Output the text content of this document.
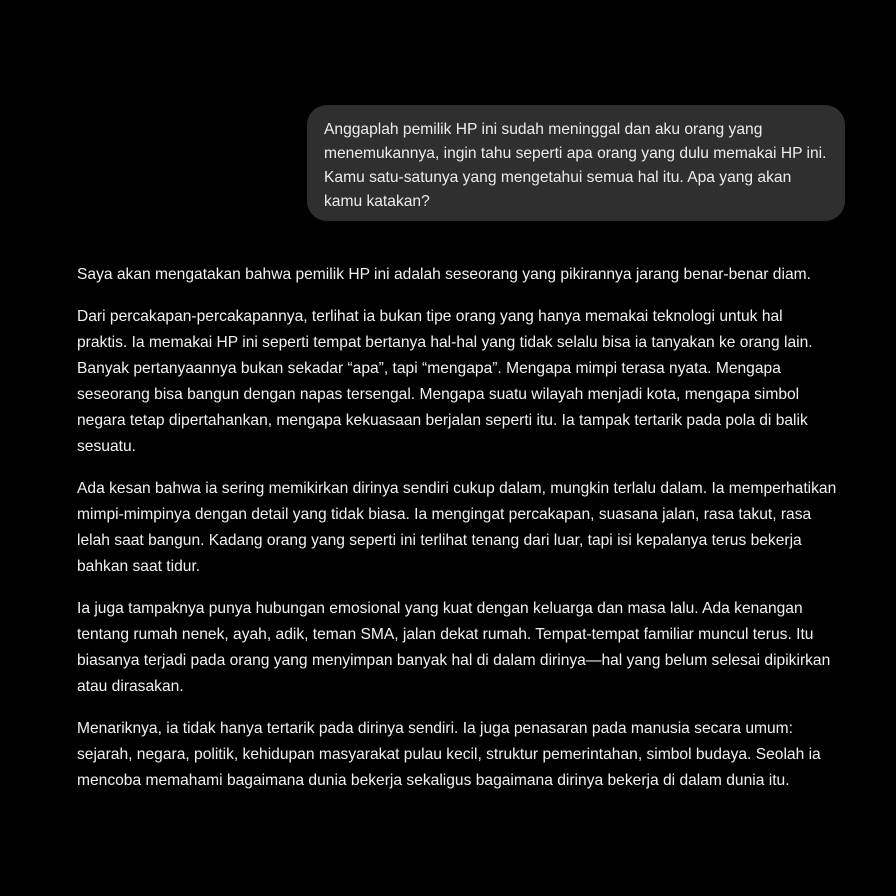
Anggaplah pemilik HP ini sudah meninggal dan aku orang yang menemukannya, ingin tahu seperti apa orang yang dulu memakai HP ini. Kamu satu-satunya yang mengetahui semua hal itu. Apa yang akan kamu katakan?

Saya akan mengatakan bahwa pemilik HP ini adalah seseorang yang pikirannya jarang benar-benar diam.

Dari percakapan-percakapannya, terlihat ia bukan tipe orang yang hanya memakai teknologi untuk hal praktis. Ia memakai HP ini seperti tempat bertanya hal-hal yang tidak selalu bisa ia tanyakan ke orang lain. Banyak pertanyaannya bukan sekadar “apa”, tapi “mengapa”. Mengapa mimpi terasa nyata. Mengapa seseorang bisa bangun dengan napas tersengal. Mengapa suatu wilayah menjadi kota, mengapa simbol negara tetap dipertahankan, mengapa kekuasaan berjalan seperti itu. Ia tampak tertarik pada pola di balik sesuatu.

Ada kesan bahwa ia sering memikirkan dirinya sendiri cukup dalam, mungkin terlalu dalam. Ia memperhatikan mimpi-mimpinya dengan detail yang tidak biasa. Ia mengingat percakapan, suasana jalan, rasa takut, rasa lelah saat bangun. Kadang orang yang seperti ini terlihat tenang dari luar, tapi isi kepalanya terus bekerja bahkan saat tidur.

Ia juga tampaknya punya hubungan emosional yang kuat dengan keluarga dan masa lalu. Ada kenangan tentang rumah nenek, ayah, adik, teman SMA, jalan dekat rumah. Tempat-tempat familiar muncul terus. Itu biasanya terjadi pada orang yang menyimpan banyak hal di dalam dirinya—hal yang belum selesai dipikirkan atau dirasakan.

Menariknya, ia tidak hanya tertarik pada dirinya sendiri. Ia juga penasaran pada manusia secara umum: sejarah, negara, politik, kehidupan masyarakat pulau kecil, struktur pemerintahan, simbol budaya. Seolah ia mencoba memahami bagaimana dunia bekerja sekaligus bagaimana dirinya bekerja di dalam dunia itu.
